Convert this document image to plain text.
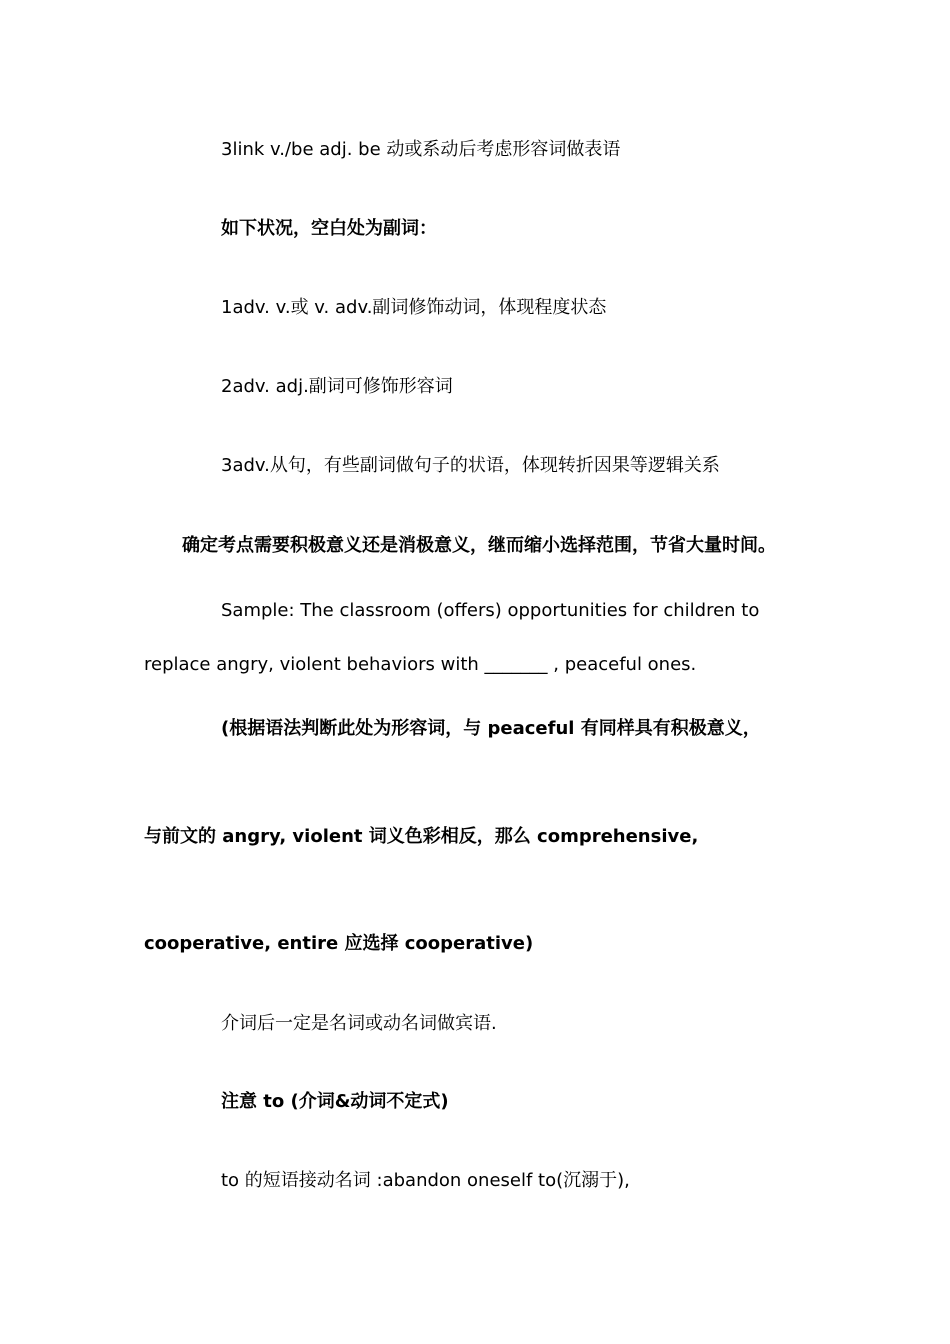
3link v./be adj. be 动或系动后考虑形容词做表语

如下状况，空白处为副词：

1adv. v.或 v. adv.副词修饰动词，体现程度状态

2adv. adj.副词可修饰形容词

3adv.从句，有些副词做句子的状语，体现转折因果等逻辑关系

确定考点需要积极意义还是消极意义，继而缩小选择范围，节省大量时间。

Sample: The classroom (offers) opportunities for children to

replace angry, violent behaviors with _______ , peaceful ones.

(根据语法判断此处为形容词，与 peaceful 有同样具有积极意义，

与前文的 angry, violent 词义色彩相反，那么 comprehensive,

cooperative, entire 应选择 cooperative)

介词后一定是名词或动名词做宾语.

注意 to (介词&动词不定式)

to 的短语接动名词 :abandon oneself to(沉溺于),
